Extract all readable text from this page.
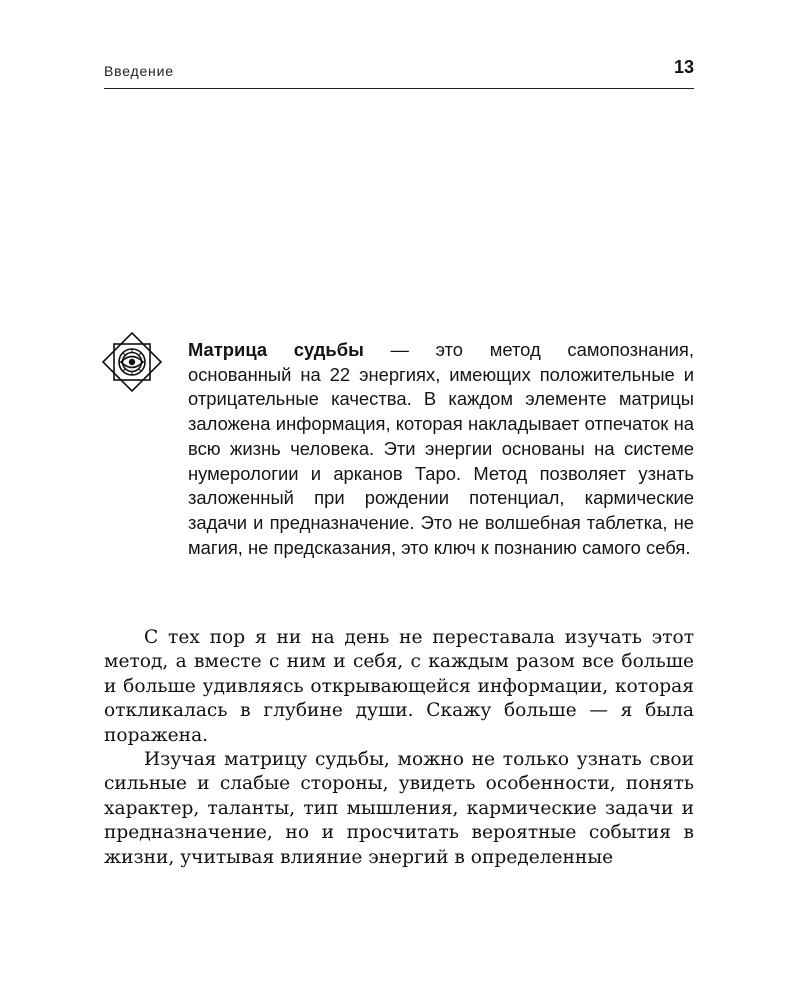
Введение	13
Матрица судьбы — это метод самопознания, основанный на 22 энергиях, имеющих положительные и отрицательные качества. В каждом элементе матрицы заложена информация, которая накладывает отпечаток на всю жизнь человека. Эти энергии основаны на системе нумерологии и арканов Таро. Метод позволяет узнать заложенный при рождении потенциал, кармические задачи и предназначение. Это не волшебная таблетка, не магия, не предсказания, это ключ к познанию самого себя.

С тех пор я ни на день не переставала изучать этот метод, а вместе с ним и себя, с каждым разом все больше и больше удивляясь открывающейся информации, которая откликалась в глубине души. Скажу больше — я была поражена.

Изучая матрицу судьбы, можно не только узнать свои сильные и слабые стороны, увидеть особенности, понять характер, таланты, тип мышления, кармические задачи и предназначение, но и просчитать вероятные события в жизни, учитывая влияние энергий в определенные
